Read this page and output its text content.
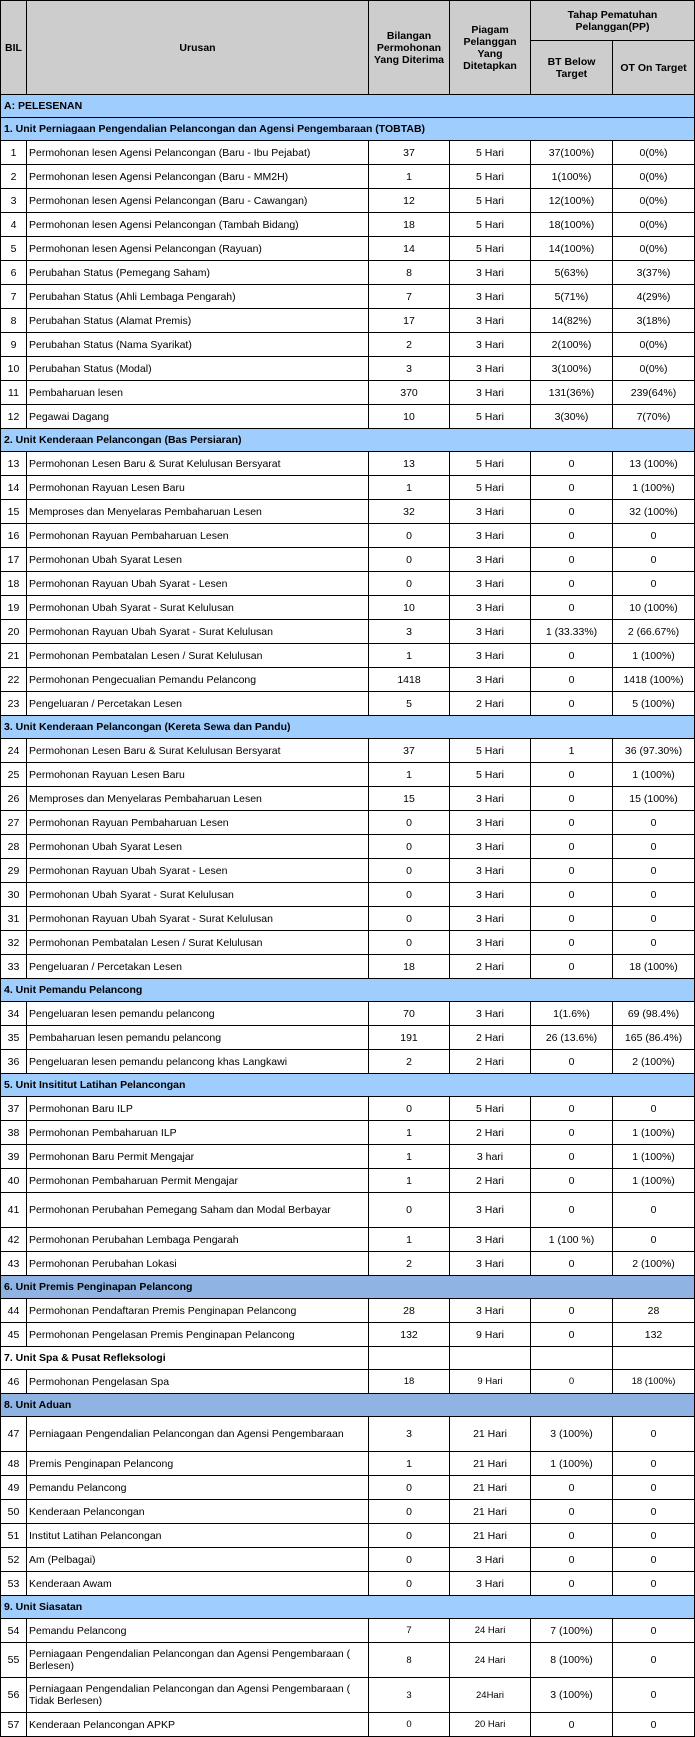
BIL	Urusan	Bilangan Permohonan Yang Diterima	Piagam Pelanggan Yang Ditetapkan	Tahap Pematuhan Pelanggan(PP)	
				BT Below Target	OT On Target
A: PELESENAN					
1. Unit Perniagaan Pengendalian Pelancongan dan Agensi Pengembaraan (TOBTAB)					
1	Permohonan lesen Agensi Pelancongan (Baru - Ibu Pejabat)	37	5 Hari	37(100%)	0(0%)
2	Permohonan lesen Agensi Pelancongan (Baru - MM2H)	1	5 Hari	1(100%)	0(0%)
3	Permohonan lesen Agensi Pelancongan (Baru - Cawangan)	12	5 Hari	12(100%)	0(0%)
4	Permohonan lesen Agensi Pelancongan (Tambah Bidang)	18	5 Hari	18(100%)	0(0%)
5	Permohonan lesen Agensi Pelancongan (Rayuan)	14	5 Hari	14(100%)	0(0%)
6	Perubahan Status (Pemegang Saham)	8	3 Hari	5(63%)	3(37%)
7	Perubahan Status (Ahli Lembaga Pengarah)	7	3 Hari	5(71%)	4(29%)
8	Perubahan Status (Alamat Premis)	17	3 Hari	14(82%)	3(18%)
9	Perubahan Status (Nama Syarikat)	2	3 Hari	2(100%)	0(0%)
10	Perubahan Status (Modal)	3	3 Hari	3(100%)	0(0%)
11	Pembaharuan lesen	370	3 Hari	131(36%)	239(64%)
12	Pegawai Dagang	10	5 Hari	3(30%)	7(70%)
2. Unit Kenderaan Pelancongan (Bas Persiaran)					
13	Permohonan Lesen Baru & Surat Kelulusan Bersyarat	13	5 Hari	0	13 (100%)
14	Permohonan Rayuan Lesen Baru	1	5 Hari	0	1 (100%)
15	Memproses dan Menyelaras Pembaharuan Lesen	32	3 Hari	0	32 (100%)
16	Permohonan Rayuan Pembaharuan Lesen	0	3 Hari	0	0
17	Permohonan Ubah Syarat Lesen	0	3 Hari	0	0
18	Permohonan Rayuan Ubah Syarat - Lesen	0	3 Hari	0	0
19	Permohonan Ubah Syarat - Surat Kelulusan	10	3 Hari	0	10 (100%)
20	Permohonan Rayuan Ubah Syarat - Surat Kelulusan	3	3 Hari	1 (33.33%)	2 (66.67%)
21	Permohonan Pembatalan Lesen / Surat Kelulusan	1	3 Hari	0	1 (100%)
22	Permohonan Pengecualian Pemandu Pelancong	1418	3 Hari	0	1418 (100%)
23	Pengeluaran / Percetakan Lesen	5	2 Hari	0	5 (100%)
3. Unit Kenderaan Pelancongan (Kereta Sewa dan Pandu)					
24	Permohonan Lesen Baru & Surat Kelulusan Bersyarat	37	5 Hari	1	36 (97.30%)
25	Permohonan Rayuan Lesen Baru	1	5 Hari	0	1 (100%)
26	Memproses dan Menyelaras Pembaharuan Lesen	15	3 Hari	0	15 (100%)
27	Permohonan Rayuan Pembaharuan Lesen	0	3 Hari	0	0
28	Permohonan Ubah Syarat Lesen	0	3 Hari	0	0
29	Permohonan Rayuan Ubah Syarat - Lesen	0	3 Hari	0	0
30	Permohonan Ubah Syarat - Surat Kelulusan	0	3 Hari	0	0
31	Permohonan Rayuan Ubah Syarat - Surat Kelulusan	0	3 Hari	0	0
32	Permohonan Pembatalan Lesen / Surat Kelulusan	0	3 Hari	0	0
33	Pengeluaran / Percetakan Lesen	18	2 Hari	0	18 (100%)
4. Unit Pemandu Pelancong					
34	Pengeluaran lesen pemandu pelancong	70	3 Hari	1(1.6%)	69 (98.4%)
35	Pembaharuan lesen pemandu pelancong	191	2 Hari	26 (13.6%)	165 (86.4%)
36	Pengeluaran lesen pemandu pelancong khas Langkawi	2	2 Hari	0	2 (100%)
5. Unit Insititut Latihan Pelancongan					
37	Permohonan Baru ILP	0	5 Hari	0	0
38	Permohonan Pembaharuan ILP	1	2 Hari	0	1 (100%)
39	Permohonan Baru Permit Mengajar	1	3 hari	0	1 (100%)
40	Permohonan Pembaharuan Permit Mengajar	1	2 Hari	0	1 (100%)
41	Permohonan Perubahan Pemegang Saham dan Modal Berbayar	0	3 Hari	0	0
42	Permohonan Perubahan Lembaga Pengarah	1	3 Hari	1 (100 %)	0
43	Permohonan Perubahan Lokasi	2	3 Hari	0	2 (100%)
6. Unit Premis Penginapan Pelancong					
44	Permohonan Pendaftaran Premis Penginapan Pelancong	28	3 Hari	0	28
45	Permohonan Pengelasan Premis Penginapan Pelancong	132	9 Hari	0	132
7. Unit Spa & Pusat Refleksologi					
46	Permohonan Pengelasan Spa	18	9 Hari	0	18 (100%)
8. Unit Aduan					
47	Perniagaan Pengendalian Pelancongan dan Agensi Pengembaraan	3	21 Hari	3 (100%)	0
48	Premis Penginapan Pelancong	1	21 Hari	1 (100%)	0
49	Pemandu Pelancong	0	21 Hari	0	0
50	Kenderaan Pelancongan	0	21 Hari	0	0
51	Institut Latihan Pelancongan	0	21 Hari	0	0
52	Am (Pelbagai)	0	3 Hari	0	0
53	Kenderaan Awam	0	3 Hari	0	0
9. Unit Siasatan					
54	Pemandu Pelancong	7	24 Hari	7 (100%)	0
55	Perniagaan Pengendalian Pelancongan dan Agensi Pengembaraan ( Berlesen)	8	24 Hari	8 (100%)	0
56	Perniagaan Pengendalian Pelancongan dan Agensi Pengembaraan ( Tidak Berlesen)	3	24Hari	3 (100%)	0
57	Kenderaan Pelancongan APKP	0	20 Hari	0	0
